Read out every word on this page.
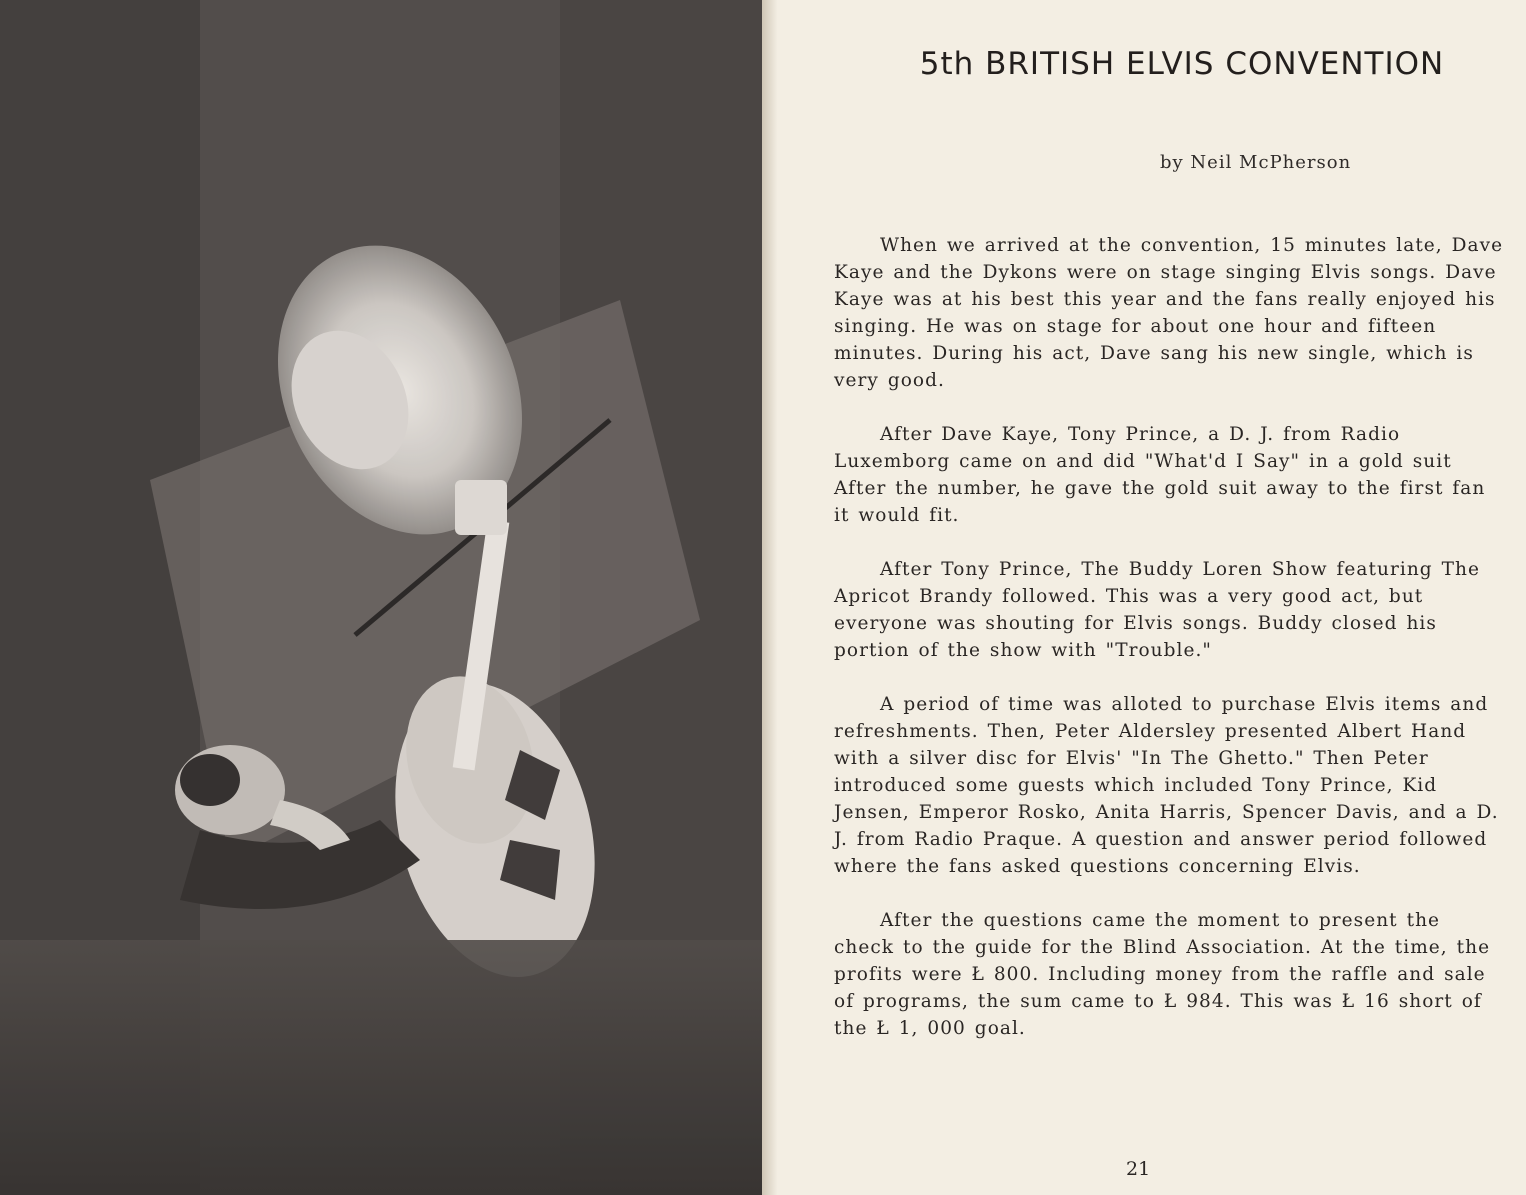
5th BRITISH ELVIS CONVENTION
by Neil McPherson

When we arrived at the convention, 15 minutes late, Dave Kaye and the Dykons were on stage singing Elvis songs. Dave Kaye was at his best this year and the fans really enjoyed his singing. He was on stage for about one hour and fifteen minutes. During his act, Dave sang his new single, which is very good.

After Dave Kaye, Tony Prince, a D. J. from Radio Luxemborg came on and did "What'd I Say" in a gold suit After the number, he gave the gold suit away to the first fan it would fit.

After Tony Prince, The Buddy Loren Show featuring The Apricot Brandy followed. This was a very good act, but everyone was shouting for Elvis songs. Buddy closed his portion of the show with "Trouble."

A period of time was alloted to purchase Elvis items and refreshments. Then, Peter Aldersley presented Albert Hand with a silver disc for Elvis' "In The Ghetto." Then Peter introduced some guests which included Tony Prince, Kid Jensen, Emperor Rosko, Anita Harris, Spencer Davis, and a D. J. from Radio Praque. A question and answer period followed where the fans asked questions concerning Elvis.

After the questions came the moment to present the check to the guide for the Blind Association. At the time, the profits were Ł 800. Including money from the raffle and sale of programs, the sum came to Ł 984. This was Ł 16 short of the Ł 1, 000 goal.

21
